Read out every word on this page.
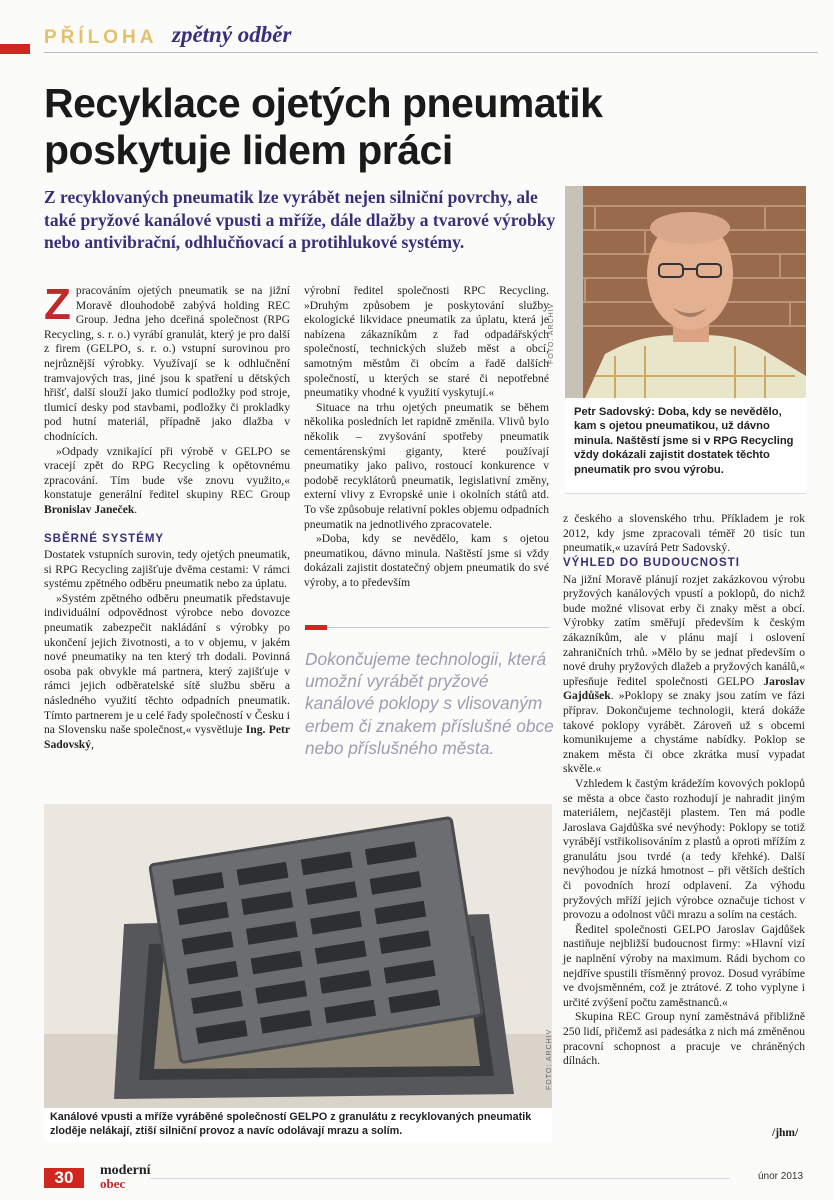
PŘÍLOHA zpětný odběr
Recyklace ojetých pneumatik
poskytuje lidem práci

Z recyklovaných pneumatik lze vyrábět nejen silniční povrchy, ale také pryžové kanálové vpusti a mříže, dále dlažby a tvarové výrobky nebo antivibrační, odhlučňovací a protihlukové systémy.

FOTO: ARCHIV
Petr Sadovský: Doba, kdy se nevědělo, kam s ojetou pneumatikou, už dávno minula. Naštěstí jsme si v RPG Recycling vždy dokázali zajistit dostatek těchto pneumatik pro svou výrobu.

Zpracováním ojetých pneumatik se na jižní Moravě dlouhodobě zabývá holding REC Group. Jedna jeho dceřiná společnost (RPG Recycling, s. r. o.) vyrábí granulát, který je pro další z firem (GELPO, s. r. o.) vstupní surovinou pro nejrůznější výrobky. Využívají se k odhlučnění tramvajových tras, jiné jsou k spatření u dětských hřišť, další slouží jako tlumicí podložky pod stroje, tlumicí desky pod stavbami, podložky či prokladky pod hutní materiál, případně jako dlažba v chodnících.

»Odpady vznikající při výrobě v GELPO se vracejí zpět do RPG Recycling k opětovnému zpracování. Tím bude vše znovu využito,« konstatuje generální ředitel skupiny REC Group Bronislav Janeček.

SBĚRNÉ SYSTÉMY

Dostatek vstupních surovin, tedy ojetých pneumatik, si RPG Recycling zajišťuje dvěma cestami: V rámci systému zpětného odběru pneumatik nebo za úplatu.

»Systém zpětného odběru pneumatik představuje individuální odpovědnost výrobce nebo dovozce pneumatik zabezpečit nakládání s výrobky po ukončení jejich životnosti, a to v objemu, v jakém nové pneumatiky na ten který trh dodali. Povinná osoba pak obvykle má partnera, který zajišťuje v rámci jejich odběratelské sítě službu sběru a následného využití těchto odpadních pneumatik. Tímto partnerem je u celé řady společností v Česku i na Slovensku naše společnost,« vysvětluje Ing. Petr Sadovský,

výrobní ředitel společnosti RPC Recycling. »Druhým způsobem je poskytování služby ekologické likvidace pneumatik za úplatu, která je nabízena zákazníkům z řad odpadářských společností, technických služeb měst a obcí, samotným městům či obcím a řadě dalších společností, u kterých se staré či nepotřebné pneumatiky vhodné k využití vyskytují.«

Situace na trhu ojetých pneumatik se během několika posledních let rapidně změnila. Vlivů bylo několik – zvyšování spotřeby pneumatik cementárenskými giganty, které používají pneumatiky jako palivo, rostoucí konkurence v podobě recyklátorů pneumatik, legislativní změny, externí vlivy z Evropské unie i okolních států atd. To vše způsobuje relativní pokles objemu odpadních pneumatik na jednotlivého zpracovatele.

»Doba, kdy se nevědělo, kam s ojetou pneumatikou, dávno minula. Naštěstí jsme si vždy dokázali zajistit dostatečný objem pneumatik do své výroby, a to především

Dokončujeme technologii, která umožní vyrábět pryžové kanálové poklopy s vlisovaným erbem či znakem příslušné obce nebo příslušného města.

z českého a slovenského trhu. Příkladem je rok 2012, kdy jsme zpracovali téměř 20 tisíc tun pneumatik,« uzavírá Petr Sadovský.

VÝHLED DO BUDOUCNOSTI

Na jižní Moravě plánují rozjet zakázkovou výrobu pryžových kanálových vpustí a poklopů, do nichž bude možné vlisovat erby či znaky měst a obcí. Výrobky zatím směřují především k českým zákazníkům, ale v plánu mají i oslovení zahraničních trhů. »Mělo by se jednat především o nové druhy pryžových dlažeb a pryžových kanálů,« upřesňuje ředitel společnosti GELPO Jaroslav Gajdůšek. »Poklopy se znaky jsou zatím ve fázi příprav. Dokončujeme technologii, která dokáže takové poklopy vyrábět. Zároveň už s obcemi komunikujeme a chystáme nabídky. Poklop se znakem města či obce zkrátka musí vypadat skvěle.«

Vzhledem k častým krádežím kovových poklopů se města a obce často rozhodují je nahradit jiným materiálem, nejčastěji plastem. Ten má podle Jaroslava Gajdůška své nevýhody: Poklopy se totiž vyrábějí vstřikolisováním z plastů a oproti mřížím z granulátu jsou tvrdé (a tedy křehké). Další nevýhodou je nízká hmotnost – při větších deštích či povodních hrozí odplavení. Za výhodu pryžových mříží jejich výrobce označuje tichost v provozu a odolnost vůči mrazu a solím na cestách.

Ředitel společnosti GELPO Jaroslav Gajdůšek nastiňuje nejbližší budoucnost firmy: »Hlavní vizí je naplnění výroby na maximum. Rádi bychom co nejdříve spustili třísměnný provoz. Dosud vyrábíme ve dvojsměnném, což je ztrátové. Z toho vyplyne i určité zvýšení počtu zaměstnanců.«

Skupina REC Group nyní zaměstnává přibližně 250 lidí, přičemž asi padesátka z nich má změněnou pracovní schopnost a pracuje ve chráněných dílnách.

/jhm/
FOTO: ARCHIV
Kanálové vpusti a mříže vyráběné společností GELPO z granulátu z recyklovaných pneumatik zloděje nelákají, ztiší silniční provoz a navíc odolávají mrazu a solím.
30	moderní
obec	únor 2013
